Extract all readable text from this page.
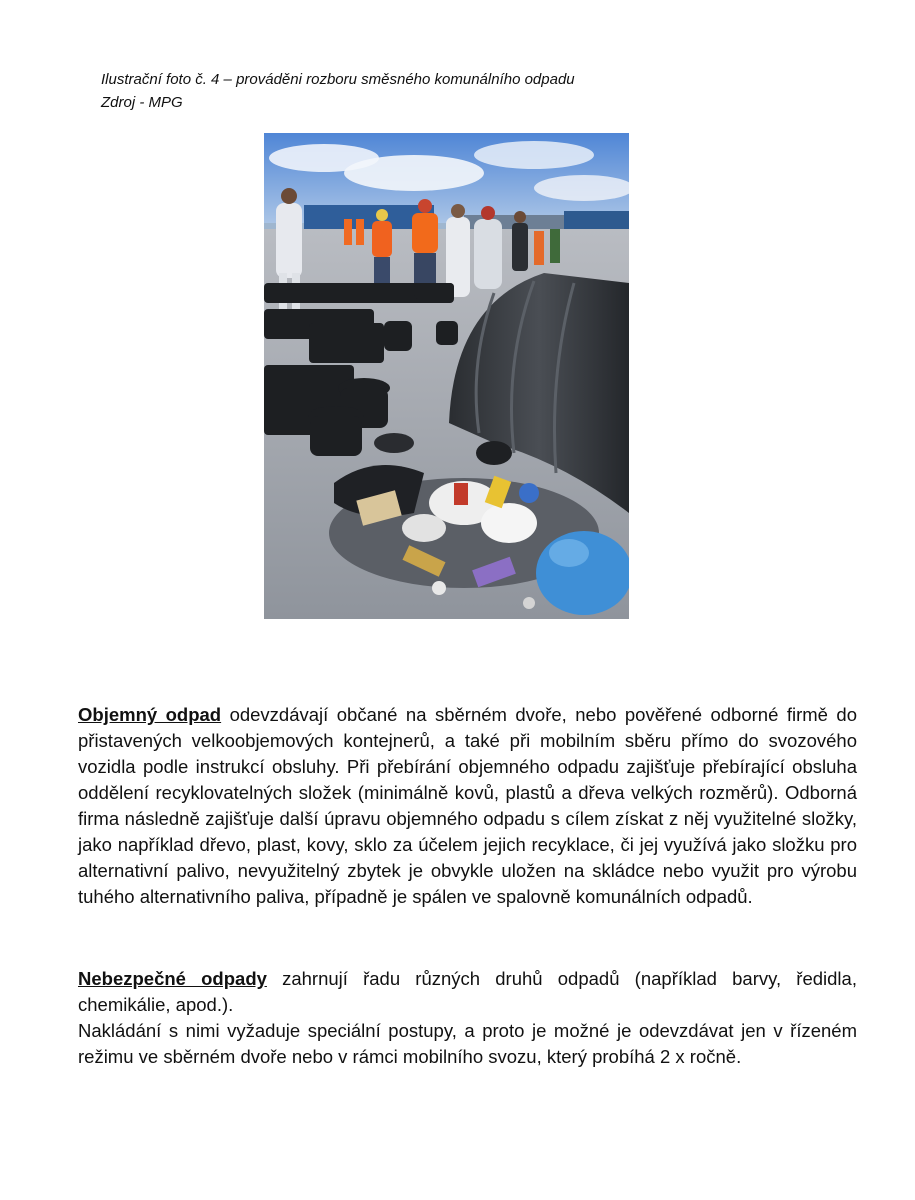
Ilustrační foto č. 4 – prováděni rozboru směsného komunálního odpadu
Zdroj - MPG

Objemný odpad odevzdávají občané na sběrném dvoře, nebo pověřené odborné firmě do přistavených velkoobjemových kontejnerů, a také při mobilním sběru přímo do svozového vozidla podle instrukcí obsluhy. Při přebírání objemného odpadu zajišťuje přebírající obsluha oddělení recyklovatelných složek (minimálně kovů, plastů a dřeva velkých rozměrů). Odborná firma následně zajišťuje další úpravu objemného odpadu s cílem získat z něj využitelné složky, jako například dřevo, plast, kovy, sklo za účelem jejich recyklace, či jej využívá jako složku pro alternativní palivo, nevyužitelný zbytek je obvykle uložen na skládce nebo využit pro výrobu tuhého alternativního paliva, případně je spálen ve spalovně komunálních odpadů.

Nebezpečné odpady zahrnují řadu různých druhů odpadů (například barvy, ředidla, chemikálie, apod.).

Nakládání s nimi vyžaduje speciální postupy, a proto je možné je odevzdávat jen v řízeném režimu ve sběrném dvoře nebo v rámci mobilního svozu, který probíhá 2 x ročně.
